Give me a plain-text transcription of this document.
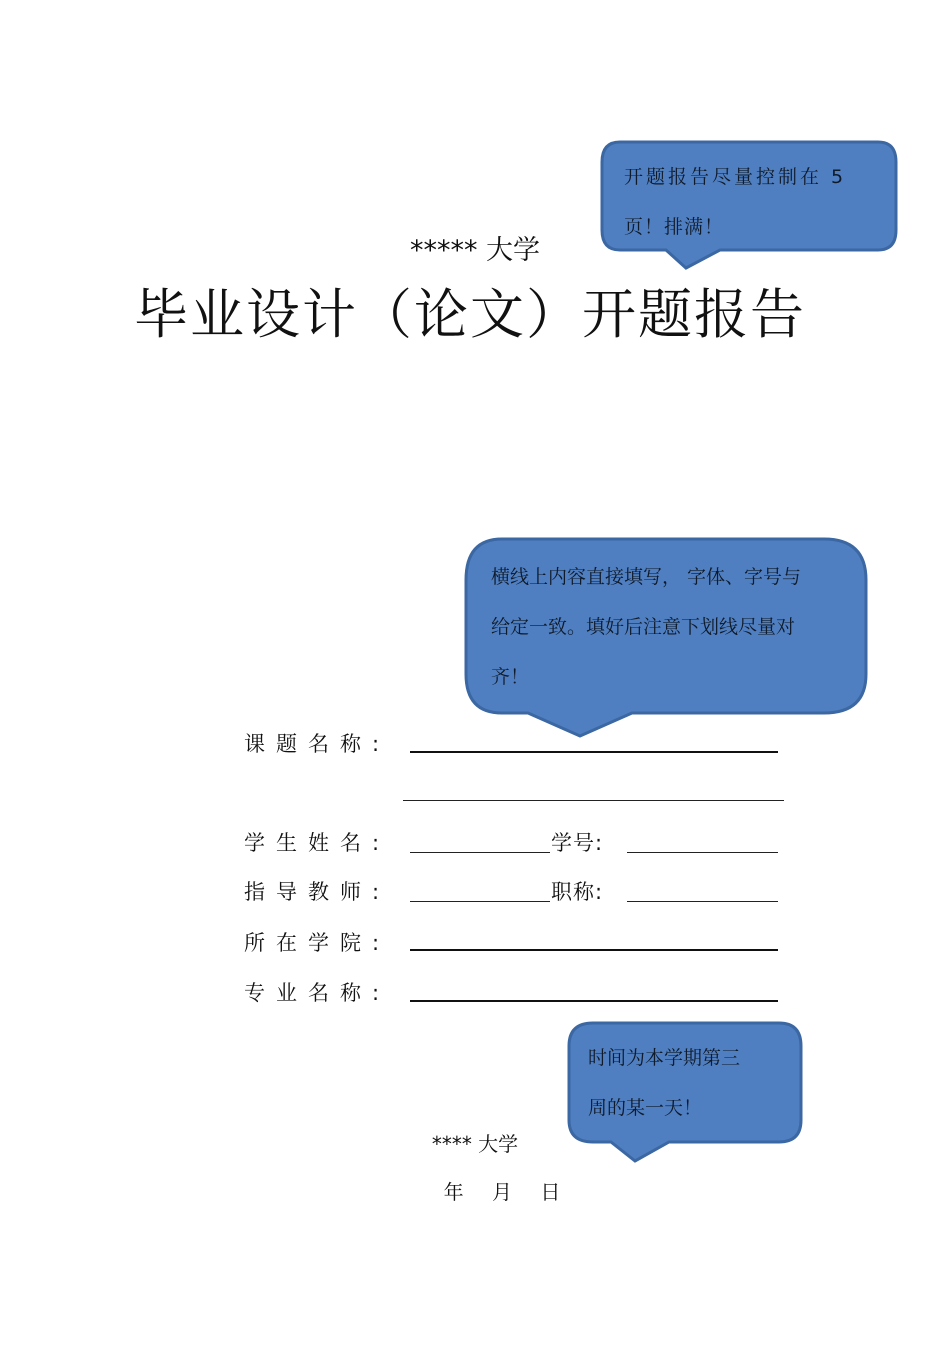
***** 大学
毕业设计（论文）开题报告
开题报告尽量控制在 5
页！排满！
横线上内容直接填写， 字体、字号与
给定一致。填好后注意下划线尽量对
齐！
课题名称:
学生姓名:	学号:
指导教师:	职称:
所在学院:
专业名称:
时间为本学期第三
周的某一天！
**** 大学
年 月 日
